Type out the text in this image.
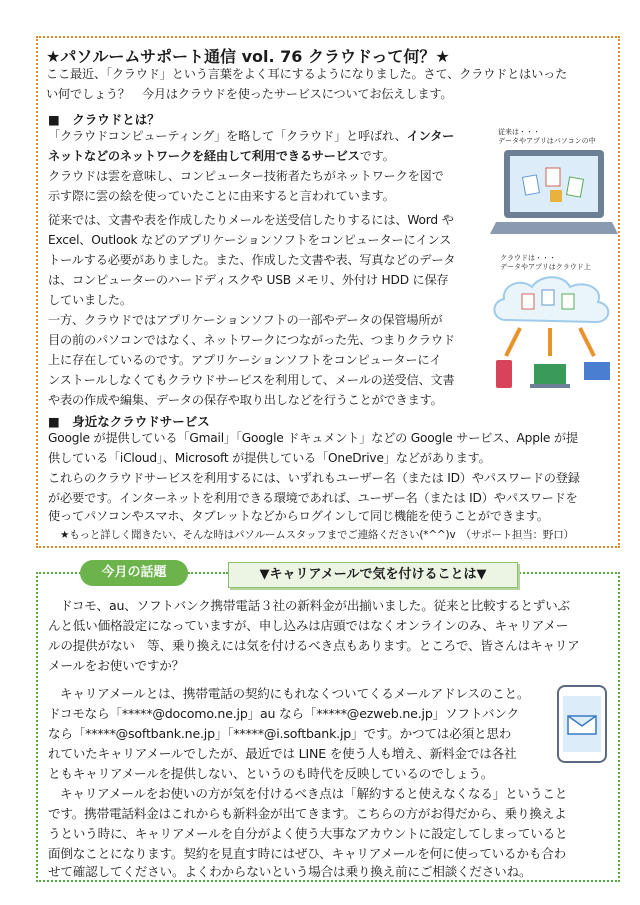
★パソルームサポート通信 vol. 76 クラウドって何？★
ここ最近、「クラウド」という言葉をよく耳にするようになりました。さて、クラウドとはいった
い何でしょう？　今月はクラウドを使ったサービスについてお伝えします。
■　クラウドとは？
「クラウドコンピューティング」を略して「クラウド」と呼ばれ、インター
ネットなどのネットワークを経由して利用できるサービスです。
クラウドは雲を意味し、コンピューター技術者たちがネットワークを図で
示す際に雲の絵を使っていたことに由来すると言われています。
従来では、文書や表を作成したりメールを送受信したりするには、Word や
Excel、Outlook などのアプリケーションソフトをコンピューターにインス
トールする必要がありました。また、作成した文書や表、写真などのデータ
は、コンピューターのハードディスクや USB メモリ、外付け HDD に保存
していました。
一方、クラウドではアプリケーションソフトの一部やデータの保管場所が
目の前のパソコンではなく、ネットワークにつながった先、つまりクラウド
上に存在しているのです。アプリケーションソフトをコンピューターにイ
ンストールしなくてもクラウドサービスを利用して、メールの送受信、文書
や表の作成や編集、データの保存や取り出しなどを行うことができます。
従来は・・・
データやアプリはパソコンの中
クラウドは・・・
データやアプリはクラウド上
■　身近なクラウドサービス
Google が提供している「Gmail」「Google ドキュメント」などの Google サービス、Apple が提
供している「iCloud」、Microsoft が提供している「OneDrive」などがあります。
これらのクラウドサービスを利用するには、いずれもユーザー名（または ID）やパスワードの登録
が必要です。インターネットを利用できる環境であれば、ユーザー名（または ID）やパスワードを
使ってパソコンやスマホ、タブレットなどからログインして同じ機能を使うことができます。
★もっと詳しく聞きたい、そんな時はパソルームスタッフまでご連絡ください(*^^)v　（サポート担当：野口）
今月の話題	▼キャリアメールで気を付けることは▼
ドコモ、au、ソフトバンク携帯電話３社の新料金が出揃いました。従来と比較するとずいぶ
んと低い価格設定になっていますが、申し込みは店頭ではなくオンラインのみ、キャリアメー
ルの提供がない　等、乗り換えには気を付けるべき点もあります。ところで、皆さんはキャリア
メールをお使いですか？
キャリアメールとは、携帯電話の契約にもれなくついてくるメールアドレスのこと。
ドコモなら「*****@docomo.ne.jp」au なら「*****@ezweb.ne.jp」ソフトバンク
なら「*****@softbank.ne.jp」「*****@i.softbank.jp」です。かつては必須と思わ
れていたキャリアメールでしたが、最近では LINE を使う人も増え、新料金では各社
ともキャリアメールを提供しない、というのも時代を反映しているのでしょう。
キャリアメールをお使いの方が気を付けるべき点は「解約すると使えなくなる」ということ
です。携帯電話料金はこれからも新料金が出てきます。こちらの方がお得だから、乗り換えよ
うという時に、キャリアメールを自分がよく使う大事なアカウントに設定してしまっていると
面倒なことになります。契約を見直す時にはぜひ、キャリアメールを何に使っているかも合わ
せて確認してください。よくわからないという場合は乗り換え前にご相談くださいね。
